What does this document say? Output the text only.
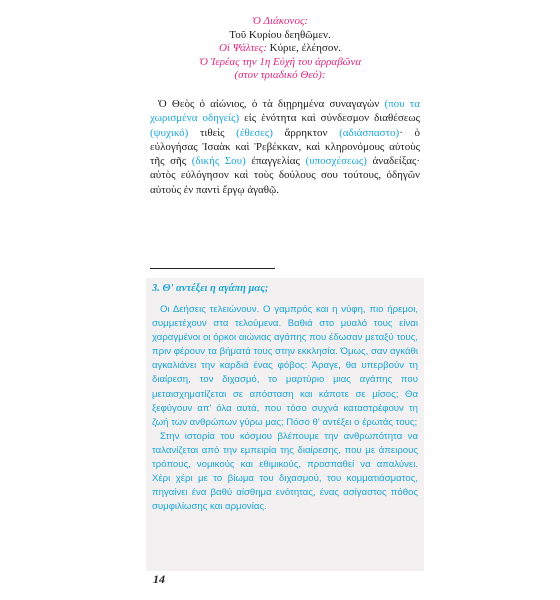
Ὁ Διάκονος:
Τοῦ Κυρίου δεηθῶμεν.
Οἱ Ψάλτες: Κύριε, ἐλέησον.
Ὁ Ἱερέας την 1η Εὐχή του ἀρραβῶνα
(στον τριαδικό Θεό):
Ὁ Θεὸς ὁ αἰώνιος, ὁ τὰ διῃρημένα συναγαγὼν (που τα χωρισμένα οδηγείς) εἰς ἑνότητα καὶ σύνδεσμον διαθέσεως (ψυχικό) τιθεὶς (έθεσες) ἄρρηκτον (αδιάσπαστο)· ὁ εὐλογήσας Ἰσαὰκ καὶ Ῥεβέκκαν, καὶ κληρονόμους αὐτοὺς τῆς σῆς (δικής Σου) ἐπαγγελίας (υποσχέσεως) ἀναδείξας· αὐτὸς εὐλόγησον καὶ τοὺς δούλους σου τούτους, ὁδηγῶν αὐτοὺς ἐν παντὶ ἔργῳ ἀγαθῷ.
3. Θ' αντέξει η αγάπη μας;

Οι Δεήσεις τελειώνουν. Ο γαμπρός και η νύφη, πιο ήρεμοι, συμμετέχουν στα τελούμενα. Βαθιά στο μυαλό τους είναι χαραγμένοι οι όρκοι αιώνιας αγάπης που έδωσαν μεταξύ τους, πριν φέρουν τα βήματά τους στην εκκλησία. Όμως, σαν αγκάθι αγκαλιάνει την καρδιά ένας φόβος: Άραγε, θα υπερβούν τη διαίρεση, τον διχασμό, το μαρτύριο μιας αγάπης που μεταισχηματίζεται σε απόσταση και κάποτε σε μίσος; Θα ξεφύγουν απ' όλα αυτά, που τόσο συχνά καταστρέφουν τη ζωή των ανθρώπων γύρω μας; Πόσο θ' αντέξει ο έρωτάς τους;

Στην ιστορία του κόσμου βλέπουμε την ανθρωπότητα να ταλανίζεται από την εμπειρία της διαίρεσης, που με άπειρους τρόπους, νομικούς και εθιμικούς, προσπαθεί να απαλύνει. Χέρι χέρι με το βίωμα του διχασμού, του κομματιάσματος, πηγαίνει ένα βαθύ αίσθημα ενότητας, ένας ασίγαστος πόθος συμφιλίωσης και αρμονίας.

14
